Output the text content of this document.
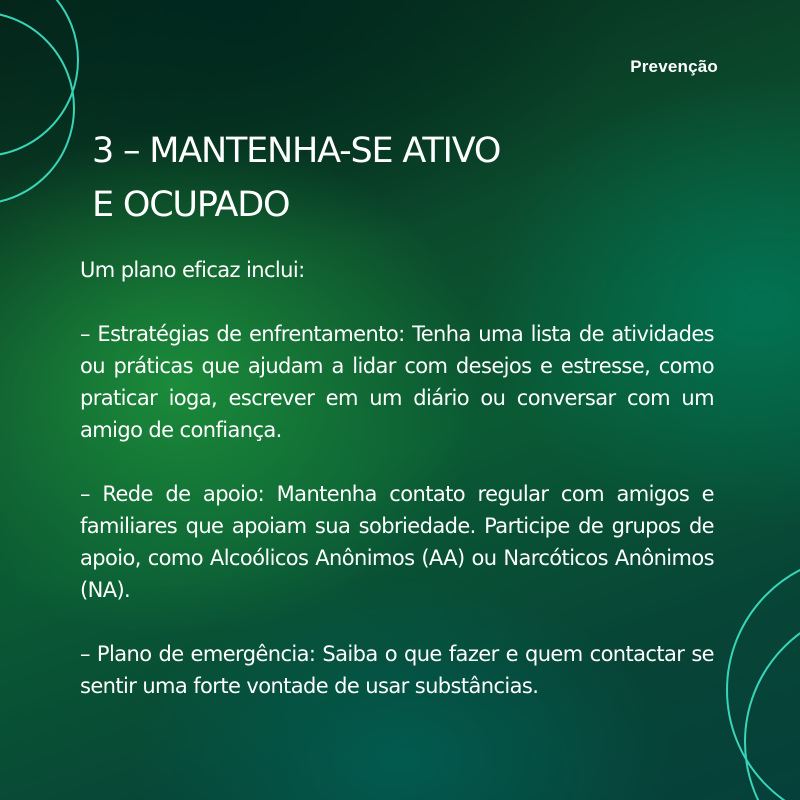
Prevenção
3 – MANTENHA-SE ATIVO
E OCUPADO

Um plano eficaz inclui:

– Estratégias de enfrentamento: Tenha uma lista de atividades ou práticas que ajudam a lidar com desejos e estresse, como praticar ioga, escrever em um diário ou conversar com um amigo de confiança.

– Rede de apoio: Mantenha contato regular com amigos e familiares que apoiam sua sobriedade. Participe de grupos de apoio, como Alcoólicos Anônimos (AA) ou Narcóticos Anônimos (NA).

– Plano de emergência: Saiba o que fazer e quem contactar se sentir uma forte vontade de usar substâncias.
